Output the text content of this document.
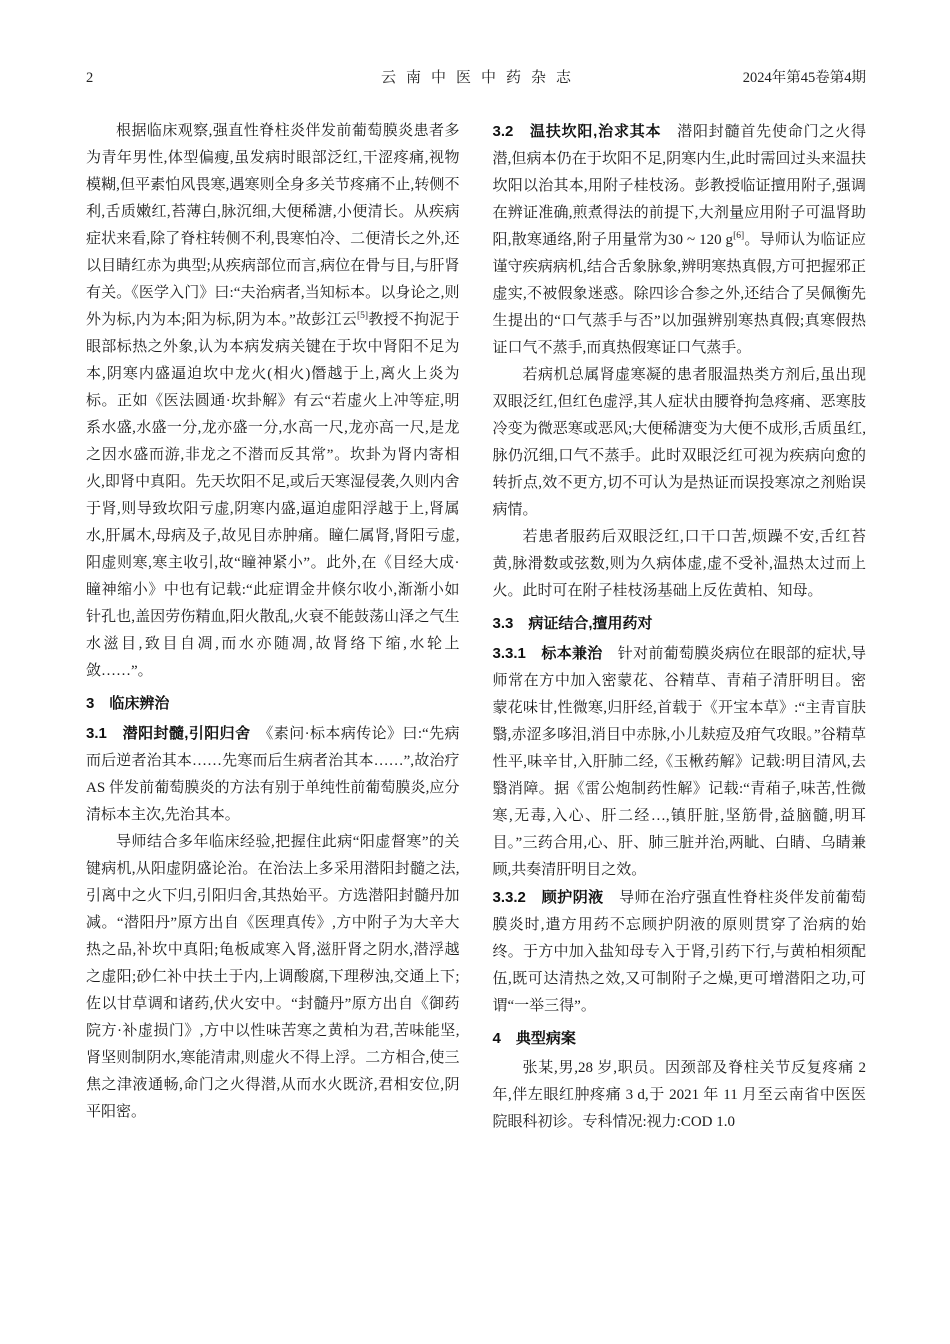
2	云南中医中药杂志	2024年第45卷第4期

根据临床观察,强直性脊柱炎伴发前葡萄膜炎患者多为青年男性,体型偏瘦,虽发病时眼部泛红,干涩疼痛,视物模糊,但平素怕风畏寒,遇寒则全身多关节疼痛不止,转侧不利,舌质嫩红,苔薄白,脉沉细,大便稀溏,小便清长。从疾病症状来看,除了脊柱转侧不利,畏寒怕冷、二便清长之外,还以目睛红赤为典型;从疾病部位而言,病位在骨与目,与肝肾有关。《医学入门》曰:“夫治病者,当知标本。以身论之,则外为标,内为本;阳为标,阴为本。”故彭江云[5]教授不拘泥于眼部标热之外象,认为本病发病关键在于坎中肾阳不足为本,阴寒内盛逼迫坎中龙火(相火)僭越于上,离火上炎为标。正如《医法圆通·坎卦解》有云“若虚火上冲等症,明系水盛,水盛一分,龙亦盛一分,水高一尺,龙亦高一尺,是龙之因水盛而游,非龙之不潜而反其常”。坎卦为肾内寄相火,即肾中真阳。先天坎阳不足,或后天寒湿侵袭,久则内舍于肾,则导致坎阳亏虚,阴寒内盛,逼迫虚阳浮越于上,肾属水,肝属木,母病及子,故见目赤肿痛。瞳仁属肾,肾阳亏虚,阳虚则寒,寒主收引,故“瞳神紧小”。此外,在《目经大成·瞳神缩小》中也有记载:“此症谓金井倏尔收小,渐渐小如针孔也,盖因劳伤精血,阳火散乱,火衰不能鼓荡山泽之气生水滋目,致目自凋,而水亦随凋,故肾络下缩,水轮上敛……”。

3　临床辨治

3.1　潜阳封髓,引阳归舍　《素问·标本病传论》曰:“先病而后逆者治其本……先寒而后生病者治其本……”,故治疗 AS 伴发前葡萄膜炎的方法有别于单纯性前葡萄膜炎,应分清标本主次,先治其本。

导师结合多年临床经验,把握住此病“阳虚督寒”的关键病机,从阳虚阴盛论治。在治法上多采用潜阳封髓之法,引离中之火下归,引阳归舍,其热始平。方选潜阳封髓丹加减。“潜阳丹”原方出自《医理真传》,方中附子为大辛大热之品,补坎中真阳;龟板咸寒入肾,滋肝肾之阴水,潜浮越之虚阳;砂仁补中扶土于内,上调酸腐,下理秽浊,交通上下;佐以甘草调和诸药,伏火安中。“封髓丹”原方出自《御药院方·补虚损门》,方中以性味苦寒之黄柏为君,苦味能坚,肾坚则制阴水,寒能清肃,则虚火不得上浮。二方相合,使三焦之津液通畅,命门之火得潜,从而水火既济,君相安位,阴平阳密。

3.2　温扶坎阳,治求其本　潜阳封髓首先使命门之火得潜,但病本仍在于坎阳不足,阴寒内生,此时需回过头来温扶坎阳以治其本,用附子桂枝汤。彭教授临证擅用附子,强调在辨证准确,煎煮得法的前提下,大剂量应用附子可温肾助阳,散寒通络,附子用量常为30 ~ 120 g[6]。导师认为临证应谨守疾病病机,结合舌象脉象,辨明寒热真假,方可把握邪正虚实,不被假象迷惑。除四诊合参之外,还结合了吴佩衡先生提出的“口气蒸手与否”以加强辨别寒热真假;真寒假热证口气不蒸手,而真热假寒证口气蒸手。

若病机总属肾虚寒凝的患者服温热类方剂后,虽出现双眼泛红,但红色虚浮,其人症状由腰脊拘急疼痛、恶寒肢冷变为微恶寒或恶风;大便稀溏变为大便不成形,舌质虽红,脉仍沉细,口气不蒸手。此时双眼泛红可视为疾病向愈的转折点,效不更方,切不可认为是热证而误投寒凉之剂贻误病情。

若患者服药后双眼泛红,口干口苦,烦躁不安,舌红苔黄,脉滑数或弦数,则为久病体虚,虚不受补,温热太过而上火。此时可在附子桂枝汤基础上反佐黄柏、知母。

3.3　病证结合,擅用药对

3.3.1　标本兼治　针对前葡萄膜炎病位在眼部的症状,导师常在方中加入密蒙花、谷精草、青葙子清肝明目。密蒙花味甘,性微寒,归肝经,首载于《开宝本草》:“主青盲肤翳,赤涩多哆泪,消目中赤脉,小儿麸痘及疳气攻眼。”谷精草性平,味辛甘,入肝肺二经,《玉楸药解》记载:明目清风,去翳消障。据《雷公炮制药性解》记载:“青葙子,味苦,性微寒,无毒,入心、肝二经…,镇肝脏,坚筋骨,益脑髓,明耳目。”三药合用,心、肝、肺三脏并治,两眦、白睛、乌睛兼顾,共奏清肝明目之效。

3.3.2　顾护阴液　导师在治疗强直性脊柱炎伴发前葡萄膜炎时,遣方用药不忘顾护阴液的原则贯穿了治病的始终。于方中加入盐知母专入于肾,引药下行,与黄柏相须配伍,既可达清热之效,又可制附子之燥,更可增潜阳之功,可谓“一举三得”。

4　典型病案

张某,男,28 岁,职员。因颈部及脊柱关节反复疼痛 2 年,伴左眼红肿疼痛 3 d,于 2021 年 11 月至云南省中医医院眼科初诊。专科情况:视力:COD 1.0
